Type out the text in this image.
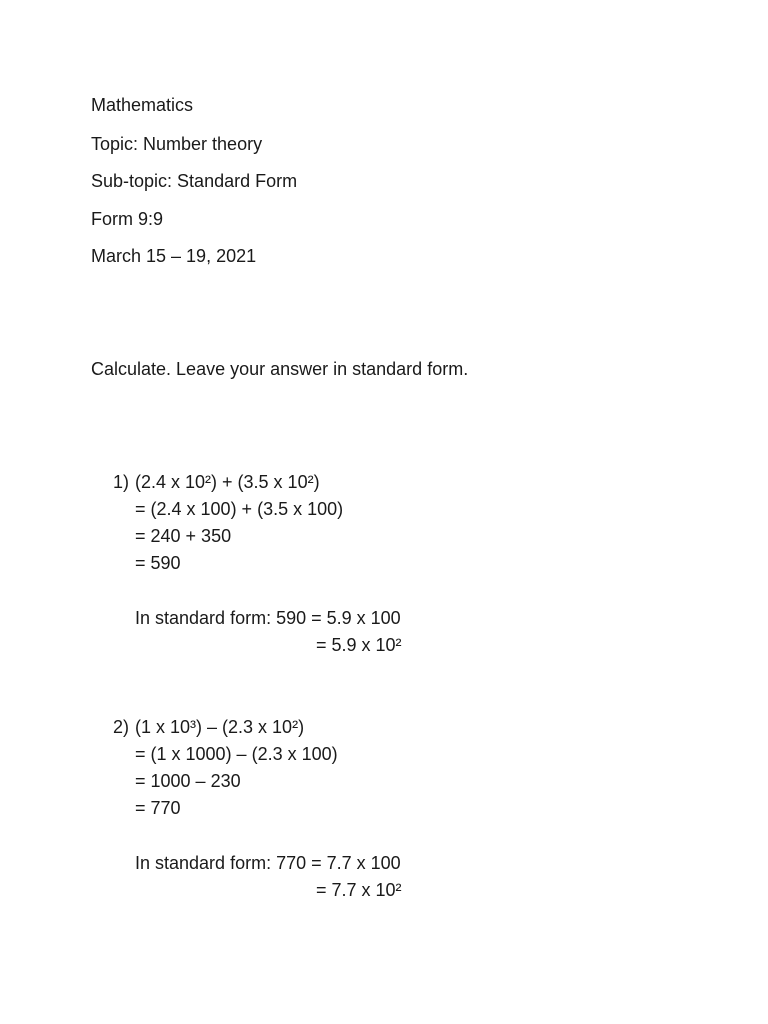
Mathematics
Topic: Number theory
Sub-topic: Standard Form
Form 9:9
March 15 – 19, 2021
Calculate. Leave your answer in standard form.
1) (2.4 x 10²) + (3.5 x 10²)
= (2.4 x 100) + (3.5 x 100)
= 240 + 350
= 590
In standard form: 590 = 5.9 x 100
= 5.9 x 10²
2) (1 x 10³) – (2.3 x 10²)
= (1 x 1000) – (2.3 x 100)
= 1000 – 230
= 770
In standard form: 770 = 7.7 x 100
= 7.7 x 10²
